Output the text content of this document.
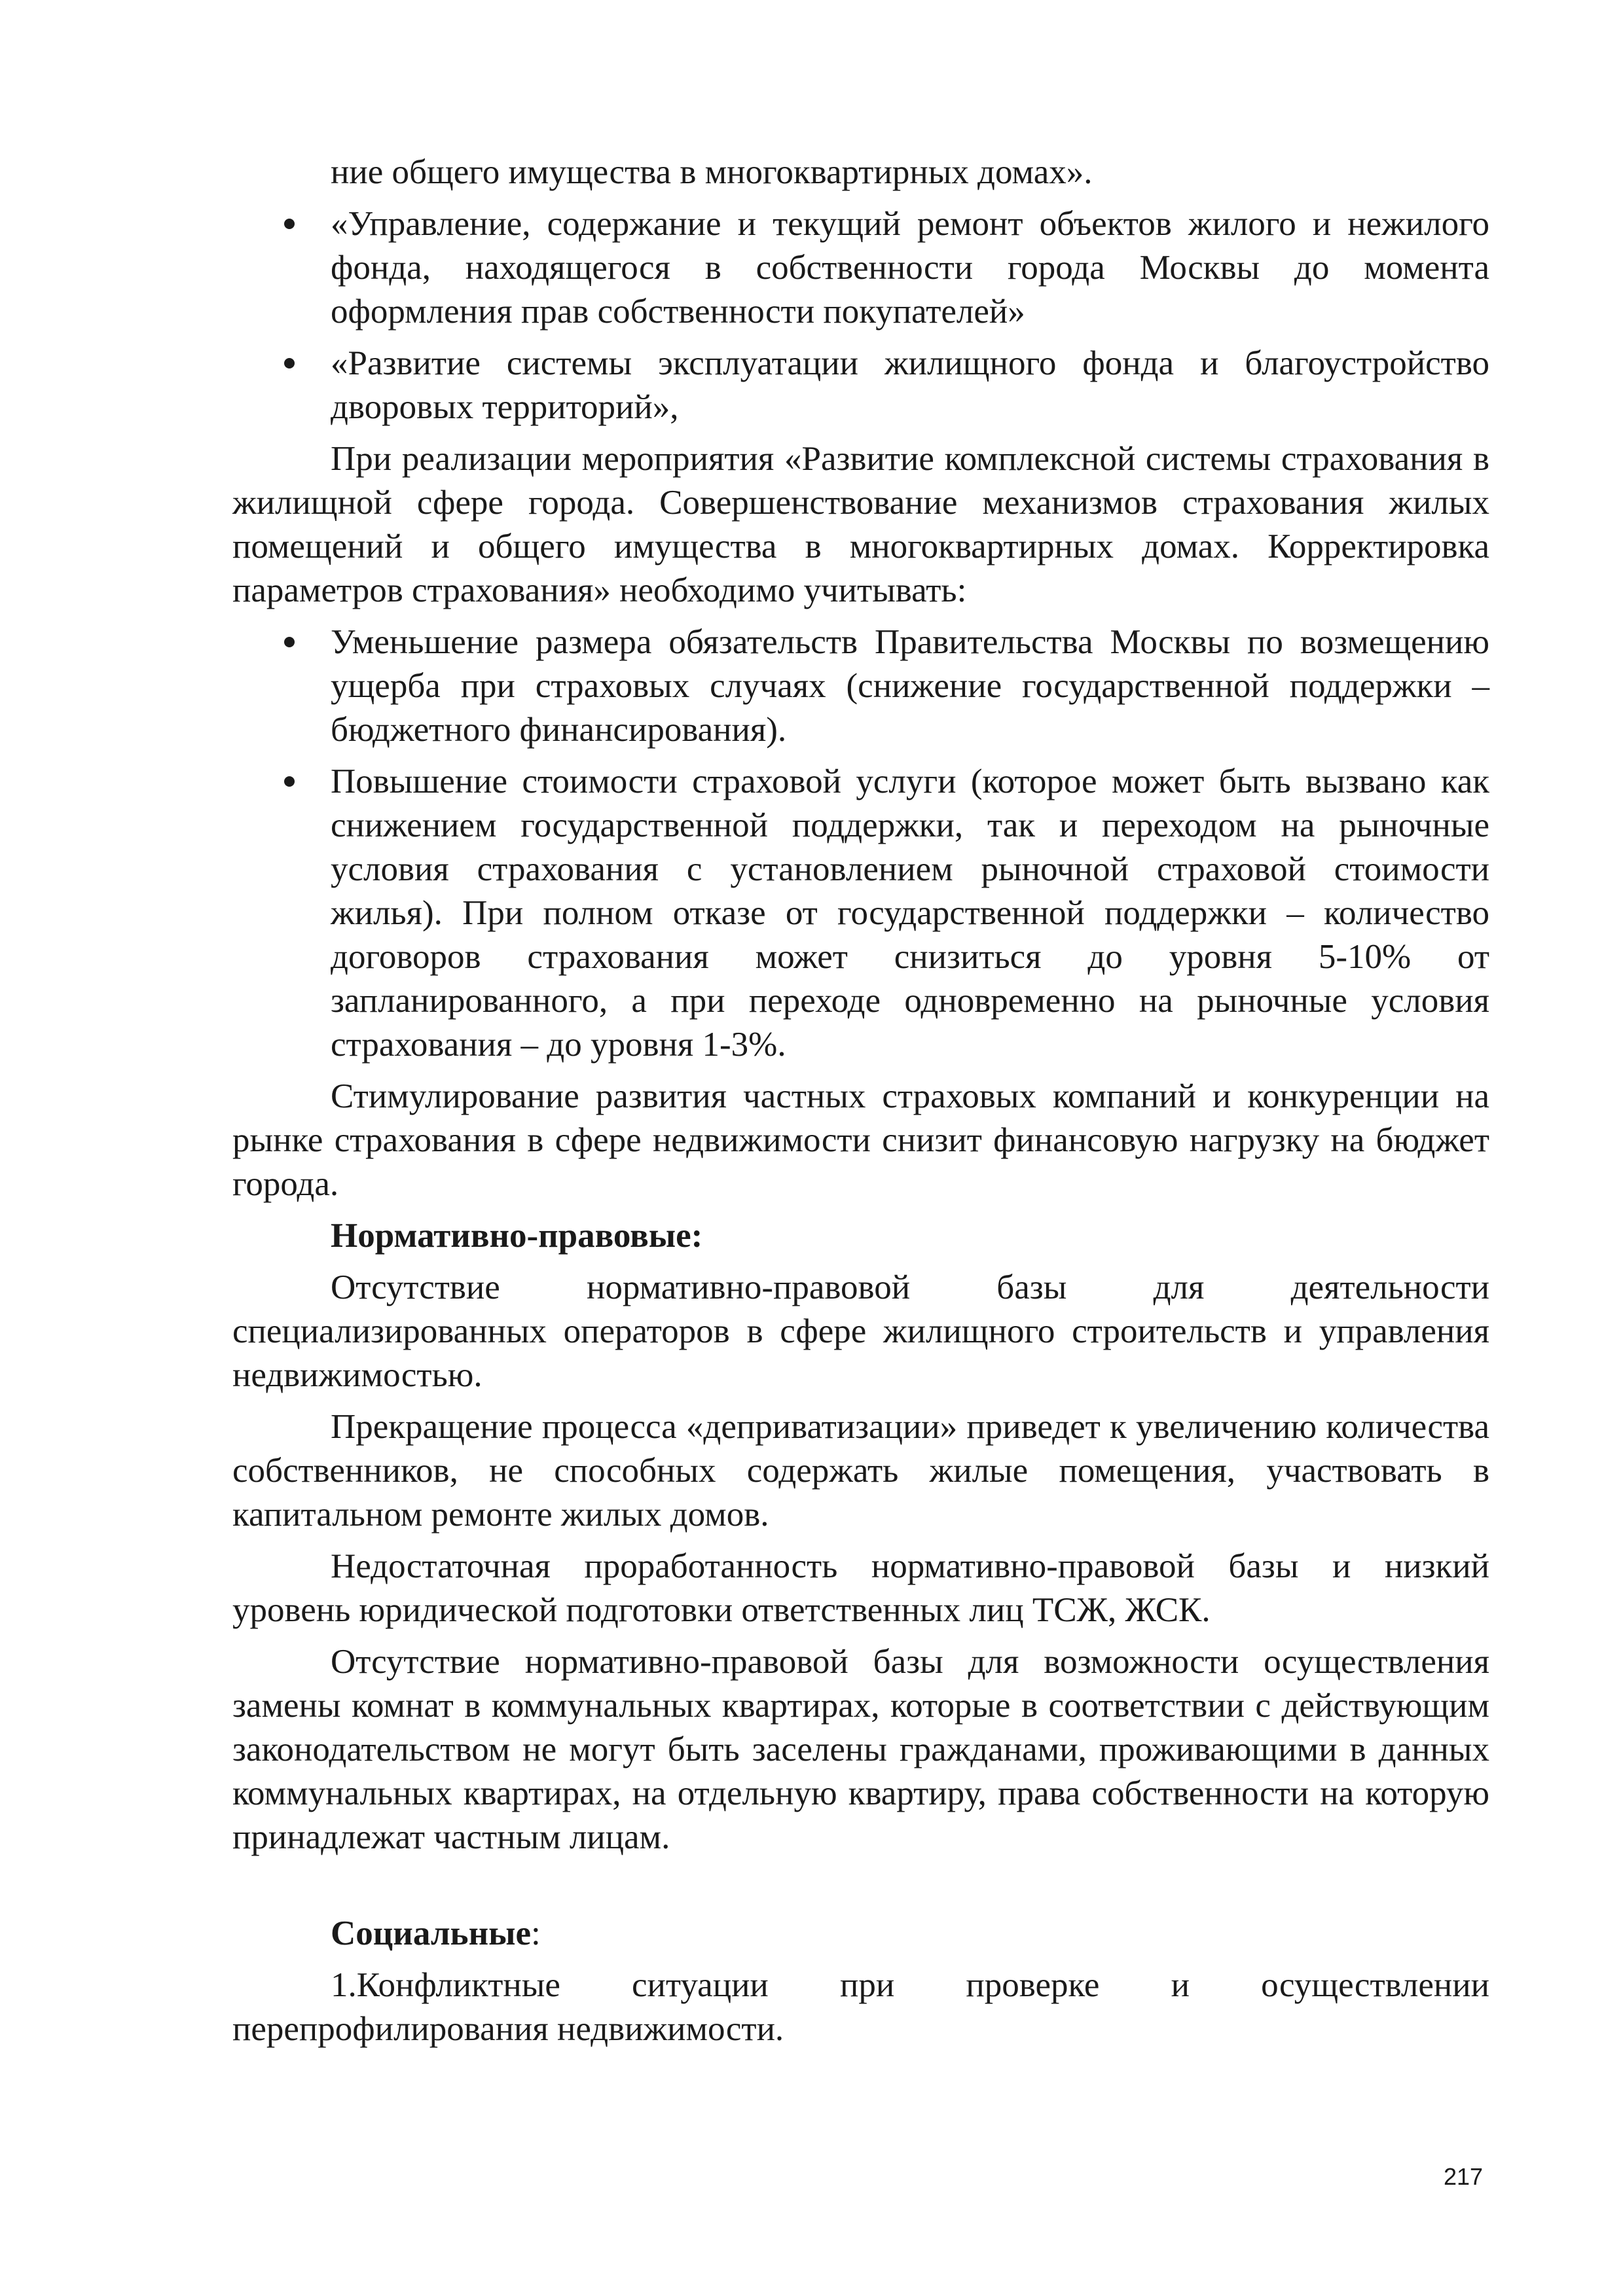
ние общего имущества в многоквартирных домах».

«Управление, содержание и текущий ремонт объектов жилого и нежилого фонда, находящегося в собственности города Москвы до момента оформления прав собственности покупателей»

«Развитие системы эксплуатации жилищного фонда и благоустройство дворовых территорий»,

При реализации мероприятия «Развитие комплексной системы страхования в жилищной сфере города. Совершенствование механизмов страхования жилых помещений и общего имущества в многоквартирных домах. Корректировка параметров страхования» необходимо учитывать:

Уменьшение размера обязательств Правительства Москвы по возмещению ущерба при страховых случаях (снижение государственной поддержки – бюджетного финансирования).

Повышение стоимости страховой услуги (которое может быть вызвано как снижением государственной поддержки, так и переходом на рыночные условия страхования с установлением рыночной страховой стоимости жилья). При полном отказе от государственной поддержки – количество договоров страхования может снизиться до уровня 5-10% от запланированного, а при переходе одновременно на рыночные условия страхования – до уровня 1-3%.

Стимулирование развития частных страховых компаний и конкуренции на рынке страхования в сфере недвижимости снизит финансовую нагрузку на бюджет города.

Нормативно-правовые:

Отсутствие нормативно-правовой базы для деятельности специализированных операторов в сфере жилищного строительств и управления недвижимостью.

Прекращение процесса «деприватизации» приведет к увеличению количества собственников, не способных содержать жилые помещения, участвовать в капитальном ремонте жилых домов.

Недостаточная проработанность нормативно-правовой базы и низкий уровень юридической подготовки ответственных лиц ТСЖ, ЖСК.

Отсутствие нормативно-правовой базы для возможности осуществления замены комнат в коммунальных квартирах, которые в соответствии с действующим законодательством не могут быть заселены гражданами, проживающими в данных коммунальных квартирах, на отдельную квартиру, права собственности на которую принадлежат частным лицам.

Социальные:

1.Конфликтные ситуации при проверке и осуществлении перепрофилирования недвижимости.

217
